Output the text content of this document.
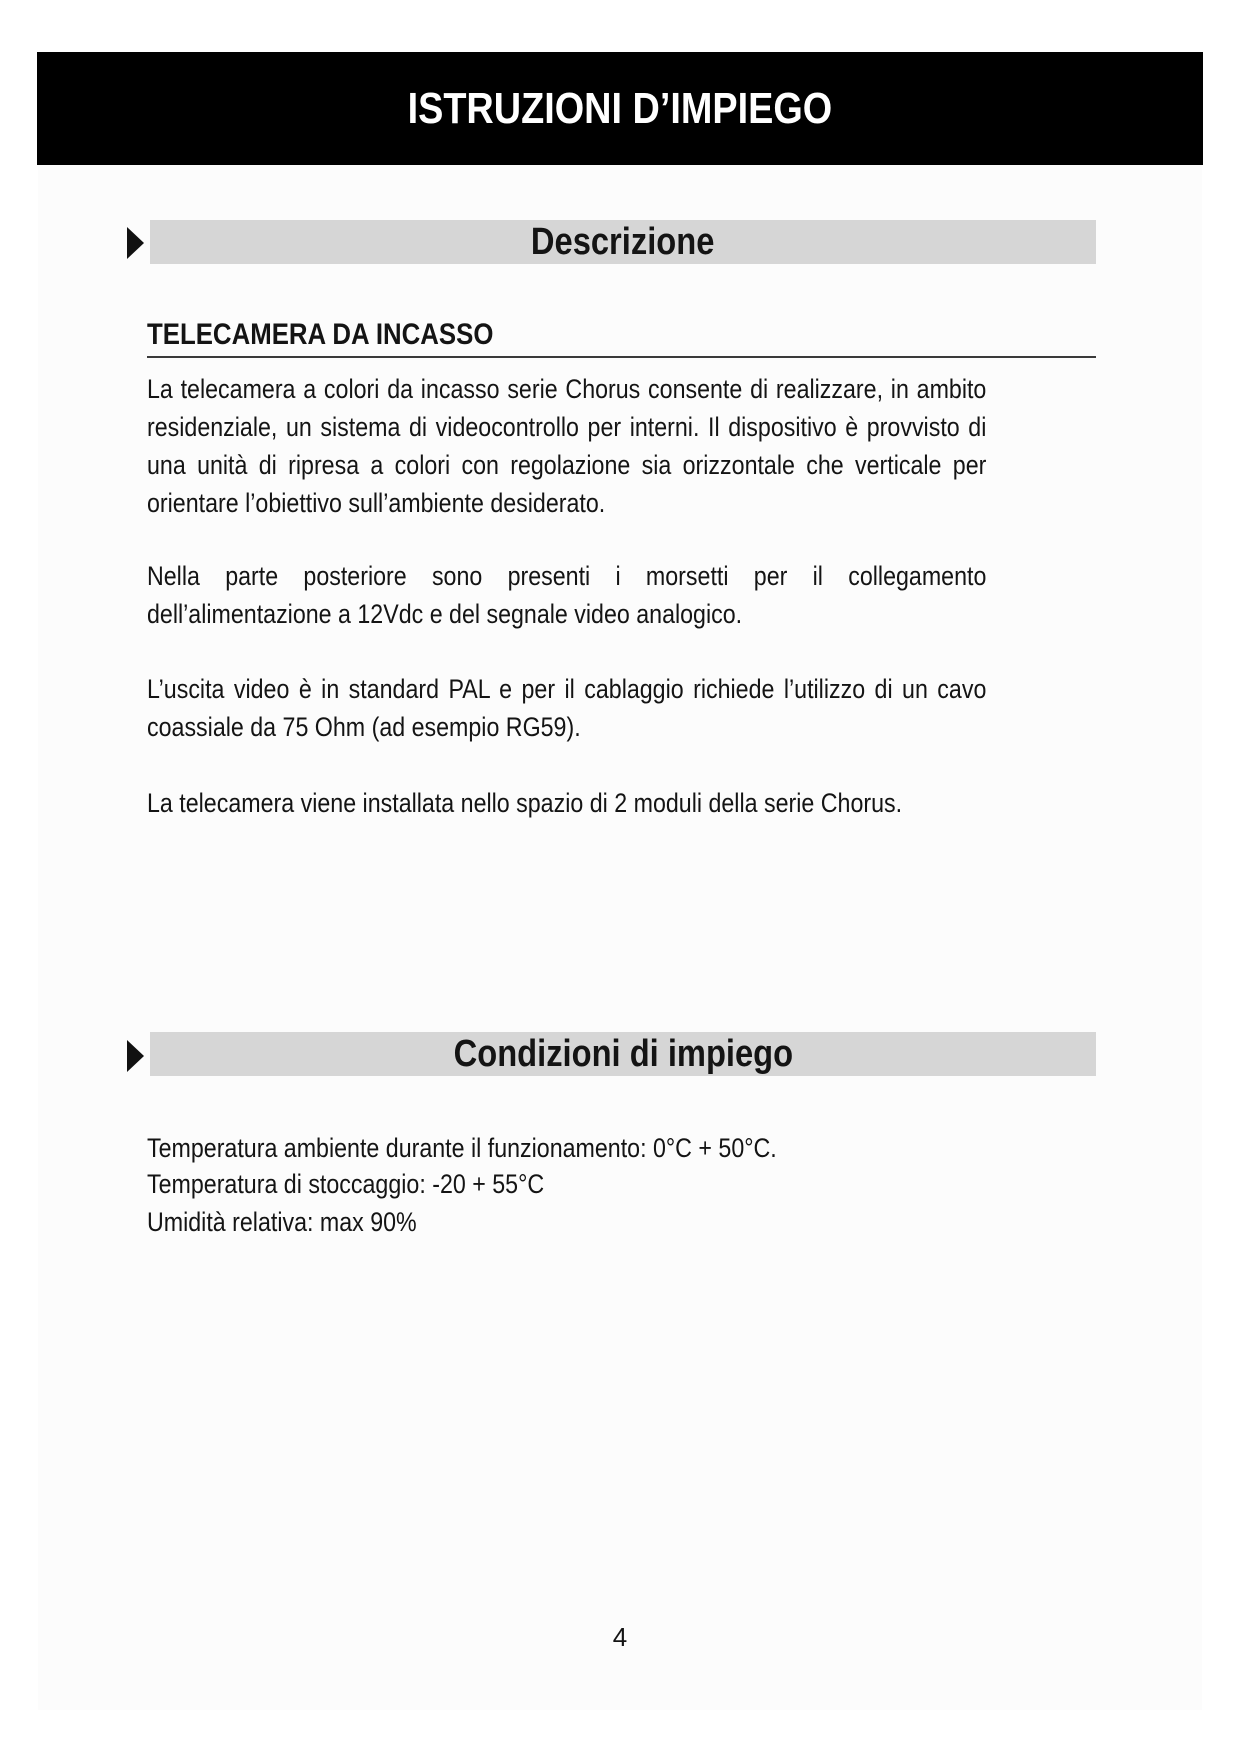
ISTRUZIONI D’IMPIEGO
Descrizione
TELECAMERA DA INCASSO

La telecamera a colori da incasso serie Chorus consente di realizzare, in ambito residenziale, un sistema di videocontrollo per interni. Il dispositivo è provvisto di una unità di ripresa a colori con regolazione sia orizzontale che verticale per orientare l’obiettivo sull’ambiente desiderato.

Nella parte posteriore sono presenti i morsetti per il collegamento dell’alimentazione a 12Vdc e del segnale video analogico.

L’uscita video è in standard PAL e per il cablaggio richiede l’utilizzo di un cavo coassiale da 75 Ohm (ad esempio RG59).

La telecamera viene installata nello spazio di 2 moduli della serie Chorus.

Condizioni di impiego

Temperatura ambiente durante il funzionamento: 0°C + 50°C.

Temperatura di stoccaggio: -20 + 55°C

Umidità relativa: max 90%

4
